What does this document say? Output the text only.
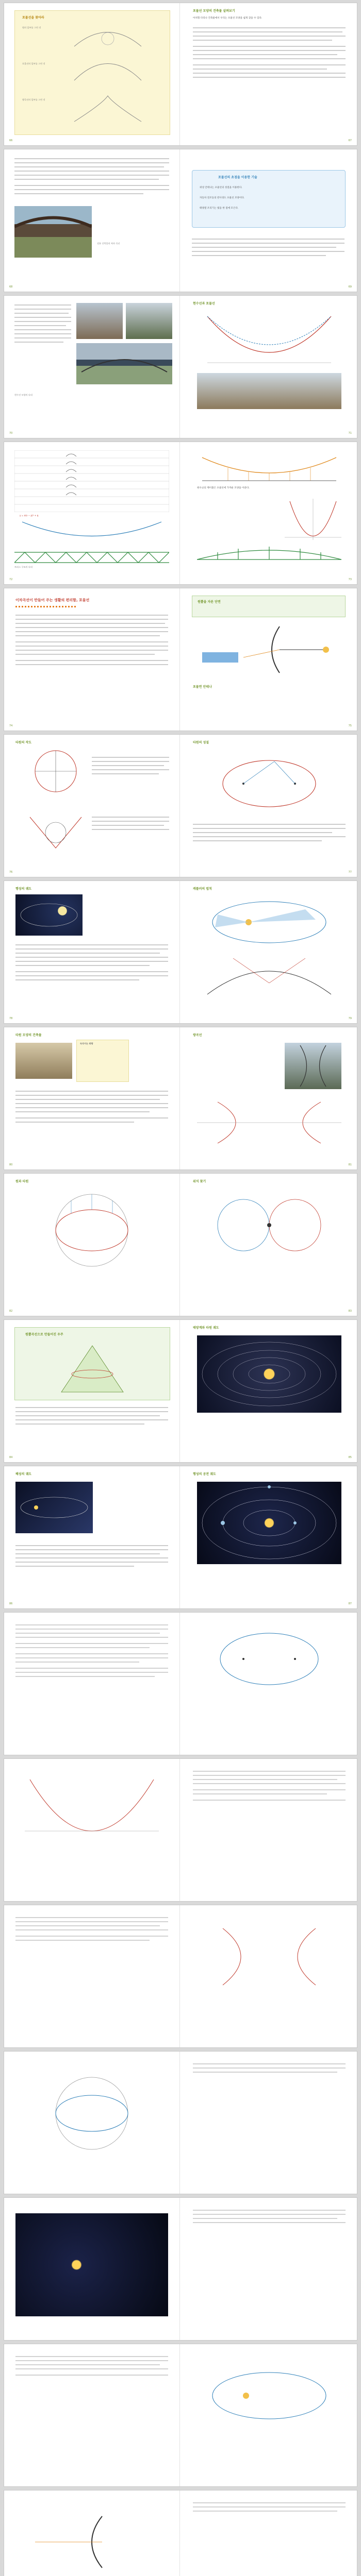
포물선을 찾아라
원의 일부를 그린 것
포물선의 일부를 그린 것
쌍곡선의 일부를 그린 것
66
포물선 모양의 건축물 살펴보기

아치형 다리나 건축물에서 우리는 포물선 모양을 쉽게 찾을 수 있다.

67
전통 건축물의 처마 곡선
68
포물선의 초점을 이용한 기술
위성 안테나는 포물선의 성질을 이용한다.
자동차 전조등의 반사경도 포물선 모양이다.
태양열 조리기는 빛을 한 점에 모은다.
69
현수선 모양의 다리
70
현수선과 포물선
71
y = a(x − p)² + q
트러스 구조의 다리
72
현수교의 케이블은 포물선에 가까운 모양을 이룬다.
73
이차곡선이 만들어 주는 생활의 편리함, 포물선
74
원뿔을 자른 단면
포물면 안테나
75
타원의 작도
76
타원의 성질
77
행성의 궤도
78
케플러의 법칙
79
타원 모양의 건축물
속삭이는 회랑
80
쌍곡선
81
원과 타원
82
위치 찾기
83
원뿔곡선으로 만들어진 우주
84
태양계와 타원 궤도
85
혜성의 궤도
86
행성의 공전 궤도
87
